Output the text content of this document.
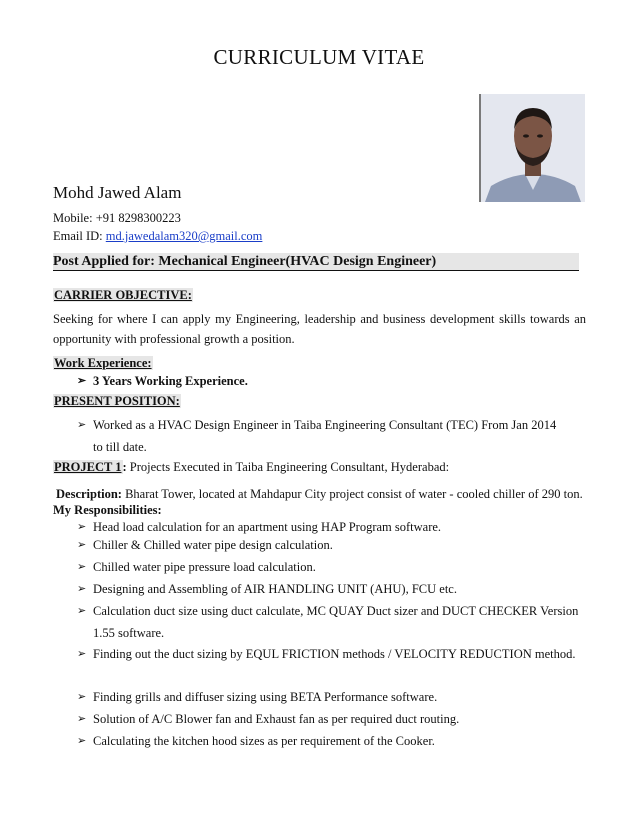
CURRICULUM VITAE
Mohd Jawed Alam
Mobile: +91 8298300223
Email ID: md.jawedalam320@gmail.com
Post Applied for: Mechanical Engineer(HVAC Design Engineer)
CARRIER OBJECTIVE:
Seeking for where I can apply my Engineering, leadership and business development skills towards an opportunity with professional growth a position.
Work Experience:
➢ 3 Years Working Experience.
PRESENT POSITION:
➢ Worked as a HVAC Design Engineer in Taiba Engineering Consultant (TEC) From Jan 2014 to till date.
PROJECT 1: Projects Executed in Taiba Engineering Consultant, Hyderabad:
Description: Bharat Tower, located at Mahdapur City project consist of water - cooled chiller of 290 ton.
My Responsibilities:
➢ Head load calculation for an apartment using HAP Program software.
➢ Chiller & Chilled water pipe design calculation.
➢ Chilled water pipe pressure load calculation.
➢ Designing and Assembling of AIR HANDLING UNIT (AHU), FCU etc.
➢ Calculation duct size using duct calculate, MC QUAY Duct sizer and DUCT CHECKER Version 1.55 software.
➢ Finding out the duct sizing by EQUL FRICTION methods / VELOCITY REDUCTION method.
➢ Finding grills and diffuser sizing using BETA Performance software.
➢ Solution of A/C Blower fan and Exhaust fan as per required duct routing.
➢ Calculating the kitchen hood sizes as per requirement of the Cooker.
